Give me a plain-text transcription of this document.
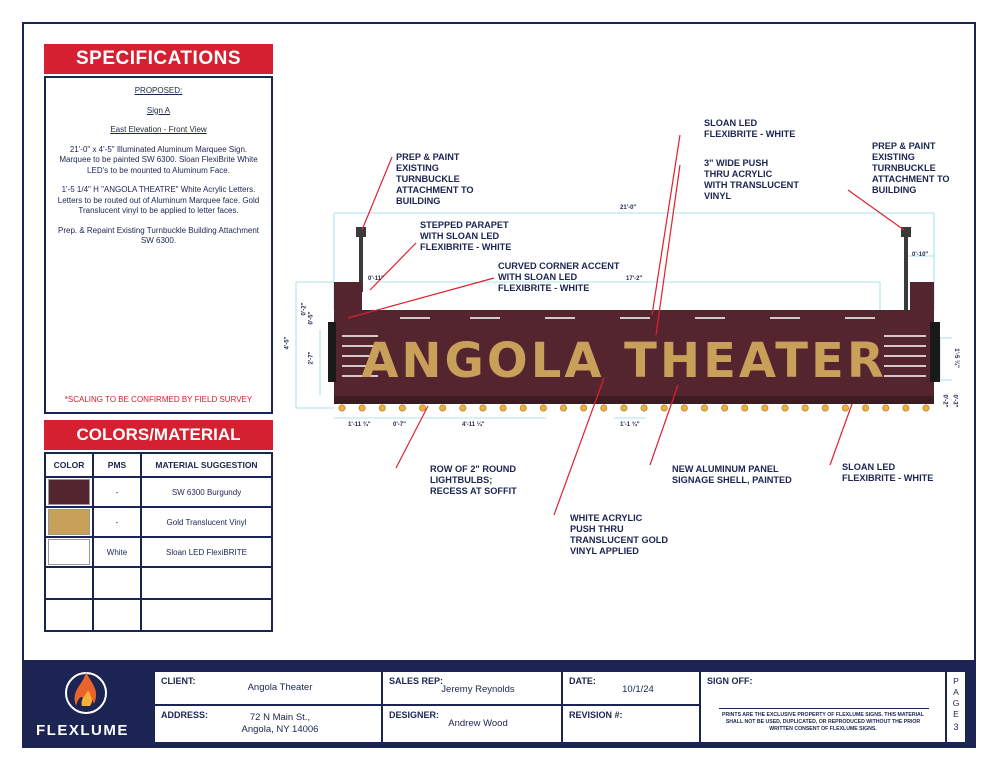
SPECIFICATIONS

PROPOSED:

Sign A

East Elevation - Front View

21'-0" x 4'-5" Illuminated Aluminum Marquee Sign. Marquee to be painted SW 6300. Sloan FlexiBrite White LED's to be mounted to Aluminum Face.

1'-5 1/4" H "ANGOLA THEATRE" White Acrylic Letters. Letters to be routed out of Aluminum Marquee face. Gold Translucent vinyl to be applied to letter faces.

Prep. & Repaint Existing Turnbuckle Building Attachment SW 6300.

*SCALING TO BE CONFIRMED BY FIELD SURVEY
COLORS/MATERIAL
COLOR	PMS	MATERIAL SUGGESTION

	-	SW 6300 Burgundy

	-	Gold Translucent Vinyl

	White	Sloan LED FlexiBRITE

ANGOLA THEATER
21'-0"
0'-11"	17'-2"
0'-10"
4'-5"
0'-2"
0'-5"
2'-7"	1'-5 ¼"
1'-11 ¾"	0'-7"	4'-11 ¼"	1'-1 ¾"
0'-3"
0'-2"
PREP & PAINT
EXISTING
TURNBUCKLE
ATTACHMENT TO
BUILDING
PREP & PAINT
EXISTING
TURNBUCKLE
ATTACHMENT TO
BUILDING
SLOAN LED
FLEXIBRITE - WHITE
3" WIDE PUSH
THRU ACRYLIC
WITH TRANSLUCENT
VINYL
STEPPED PARAPET
WITH SLOAN LED
FLEXIBRITE - WHITE
CURVED CORNER ACCENT
WITH SLOAN LED
FLEXIBRITE - WHITE
ROW OF 2" ROUND
LIGHTBULBS;
RECESS AT SOFFIT
NEW ALUMINUM PANEL
SIGNAGE SHELL, PAINTED
SLOAN LED
FLEXIBRITE - WHITE
WHITE ACRYLIC
PUSH THRU
TRANSLUCENT GOLD
VINYL APPLIED
FLEXLUME
CLIENT:
Angola Theater
ADDRESS:	72 N Main St.,
Angola, NY 14006
SALES REP:
Jeremy Reynolds
DESIGNER:
Andrew Wood
DATE:
10/1/24
REVISION #:
SIGN OFF:
PRINTS ARE THE EXCLUSIVE PROPERTY OF FLEXLUME SIGNS. THIS MATERIAL SHALL NOT BE USED, DUPLICATED, OR REPRODUCED WITHOUT THE PRIOR WRITTEN CONSENT OF FLEXLUME SIGNS.
P
A
G
E
3
